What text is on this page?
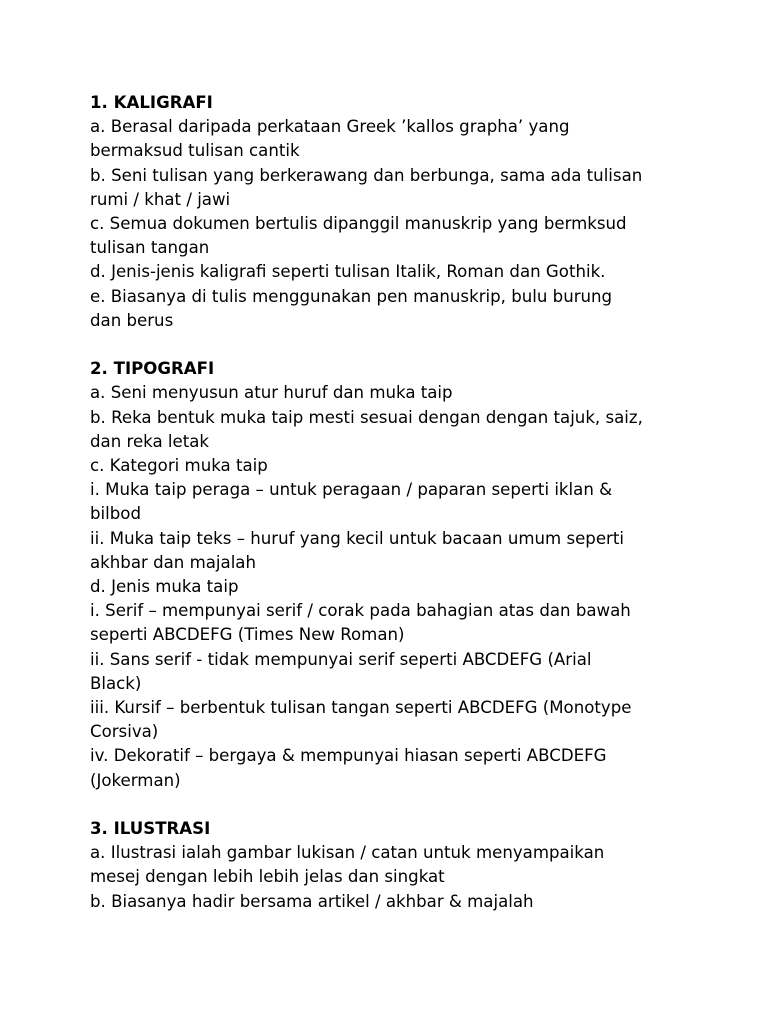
1. KALIGRAFI

a. Berasal daripada perkataan Greek ’kallos grapha’ yang

bermaksud tulisan cantik

b. Seni tulisan yang berkerawang dan berbunga, sama ada tulisan

rumi / khat / jawi

c. Semua dokumen bertulis dipanggil manuskrip yang bermksud

tulisan tangan

d. Jenis-jenis kaligrafi seperti tulisan Italik, Roman dan Gothik.

e. Biasanya di tulis menggunakan pen manuskrip, bulu burung

dan berus

2. TIPOGRAFI

a. Seni menyusun atur huruf dan muka taip

b. Reka bentuk muka taip mesti sesuai dengan dengan tajuk, saiz,

dan reka letak

c. Kategori muka taip

i. Muka taip peraga – untuk peragaan / paparan seperti iklan &

bilbod

ii. Muka taip teks – huruf yang kecil untuk bacaan umum seperti

akhbar dan majalah

d. Jenis muka taip

i. Serif – mempunyai serif / corak pada bahagian atas dan bawah

seperti ABCDEFG (Times New Roman)

ii. Sans serif - tidak mempunyai serif seperti ABCDEFG (Arial

Black)

iii. Kursif – berbentuk tulisan tangan seperti ABCDEFG (Monotype

Corsiva)

iv. Dekoratif – bergaya & mempunyai hiasan seperti ABCDEFG

(Jokerman)

3. ILUSTRASI

a. Ilustrasi ialah gambar lukisan / catan untuk menyampaikan

mesej dengan lebih lebih jelas dan singkat

b. Biasanya hadir bersama artikel / akhbar & majalah
